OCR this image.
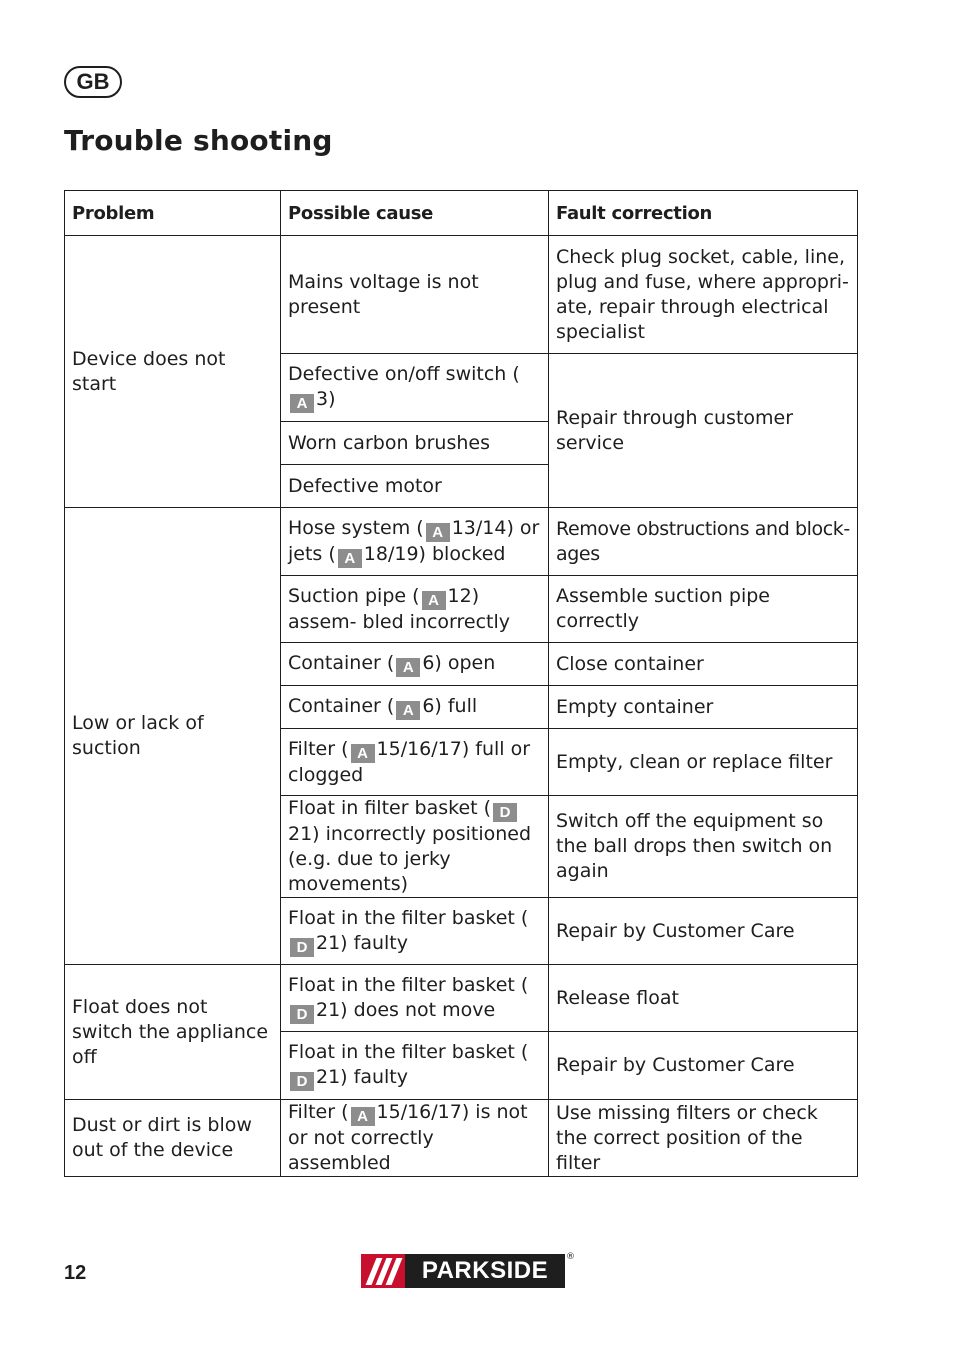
GB
Trouble shooting
Problem	Possible cause	Fault correction
Device does not start	Mains voltage is not present	Check plug socket, cable, line, plug and fuse, where appropri- ate, repair through electrical specialist
	Defective on/off switch (A 3)	Repair through customer service
	Worn carbon brushes	
	Defective motor	
Low or lack of suction	Hose system ( A 13/14) or jets ( A 18/19) blocked	Remove obstructions and block- ages
	Suction pipe ( A 12) assem- bled incorrectly	Assemble suction pipe correctly
	Container ( A 6) open	Close container
	Container ( A 6) full	Empty container
	Filter ( A 15/16/17) full or clogged	Empty, clean or replace filter
	Float in filter basket ( D21) incorrectly positioned (e.g. due to jerky movements)	Switch off the equipment so the ball drops then switch on again
	Float in the filter basket (D 21) faulty	Repair by Customer Care
Float does not switch the appliance off	Float in the filter basket (D 21) does not move	Release float
	Float in the filter basket (D 21) faulty	Repair by Customer Care
Dust or dirt is blow out of the device	Filter ( A 15/16/17) is not or not correctly assembled	Use missing filters or check the correct position of the filter
12	PARKSIDE	®
